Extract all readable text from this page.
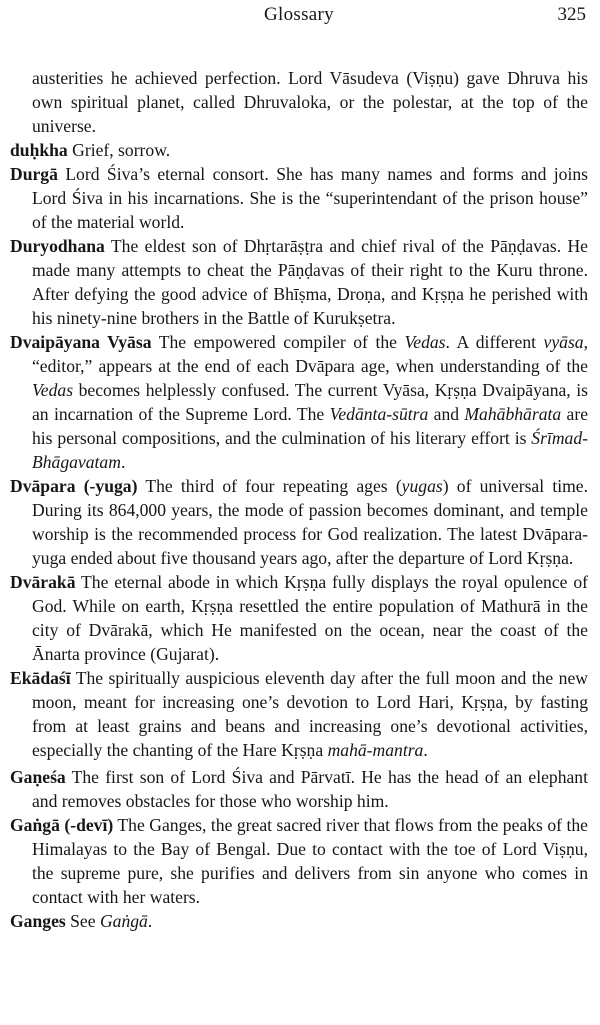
Glossary	325

austerities he achieved perfection. Lord Vāsudeva (Viṣṇu) gave Dhruva his own spiritual planet, called Dhruvaloka, or the polestar, at the top of the universe.

duḥkha Grief, sorrow.

Durgā Lord Śiva’s eternal consort. She has many names and forms and joins Lord Śiva in his incarnations. She is the “superintendant of the prison house” of the material world.

Duryodhana The eldest son of Dhṛtarāṣṭra and chief rival of the Pāṇḍavas. He made many attempts to cheat the Pāṇḍavas of their right to the Kuru throne. After defying the good advice of Bhīṣma, Droṇa, and Kṛṣṇa he perished with his ninety-nine brothers in the Battle of Kurukṣetra.

Dvaipāyana Vyāsa The empowered compiler of the Vedas. A different vyāsa, “editor,” appears at the end of each Dvāpara age, when understanding of the Vedas becomes helplessly confused. The current Vyāsa, Kṛṣṇa Dvaipāyana, is an incarnation of the Supreme Lord. The Vedānta-sūtra and Mahābhārata are his personal compositions, and the culmination of his literary effort is Śrīmad-Bhāgavatam.

Dvāpara (-yuga) The third of four repeating ages (yugas) of universal time. During its 864,000 years, the mode of passion becomes dominant, and temple worship is the recommended process for God realization. The latest Dvāpara-yuga ended about five thousand years ago, after the departure of Lord Kṛṣṇa.

Dvārakā The eternal abode in which Kṛṣṇa fully displays the royal opulence of God. While on earth, Kṛṣṇa resettled the entire population of Mathurā in the city of Dvārakā, which He manifested on the ocean, near the coast of the Ānarta province (Gujarat).

Ekādaśī The spiritually auspicious eleventh day after the full moon and the new moon, meant for increasing one’s devotion to Lord Hari, Kṛṣṇa, by fasting from at least grains and beans and increasing one’s devotional activities, especially the chanting of the Hare Kṛṣṇa mahā-mantra.

Gaṇeśa The first son of Lord Śiva and Pārvatī. He has the head of an elephant and removes obstacles for those who worship him.

Gaṅgā (-devī) The Ganges, the great sacred river that flows from the peaks of the Himalayas to the Bay of Bengal. Due to contact with the toe of Lord Viṣṇu, the supreme pure, she purifies and delivers from sin anyone who comes in contact with her waters.

Ganges See Gaṅgā.
